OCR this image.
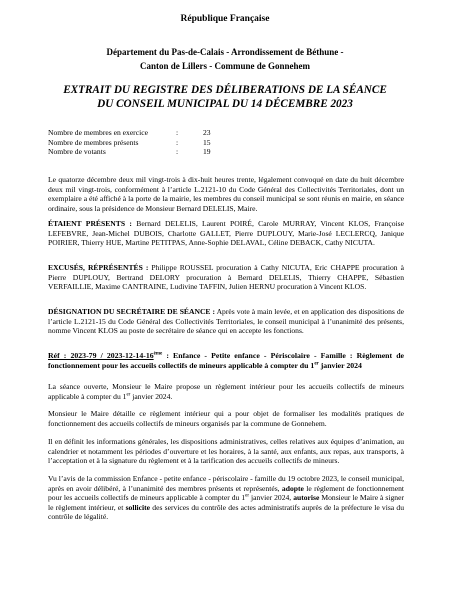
République Française
Département du Pas-de-Calais - Arrondissement de Béthune -
Canton de Lillers - Commune de Gonnehem
EXTRAIT DU REGISTRE DES DÉLIBERATIONS DE LA SÉANCE
DU CONSEIL MUNICIPAL DU 14 DÉCEMBRE 2023
Nombre de membres en exercice	:	23
Nombre de membres présents	:	15
Nombre de votants	:	19

Le quatorze décembre deux mil vingt-trois à dix-huit heures trente, légalement convoqué en date du huit décembre deux mil vingt-trois, conformément à l’article L.2121-10 du Code Général des Collectivités Territoriales, dont un exemplaire a été affiché à la porte de la mairie, les membres du conseil municipal se sont réunis en mairie, en séance ordinaire, sous la présidence de Monsieur Bernard DELELIS, Maire.

ÉTAIENT PRÉSENTS : Bernard DELELIS, Laurent POIRÉ, Carole MURRAY, Vincent KLOS, Françoise LEFEBVRE, Jean-Michel DUBOIS, Charlotte GALLET, Pierre DUPLOUY, Marie-José LECLERCQ, Janique POIRIER, Thierry HUE, Martine PETITPAS, Anne-Sophie DELAVAL, Céline DEBACK, Cathy NICUTA.

EXCUSÉS, RÉPRÉSENTÉS : Philippe ROUSSEL procuration à Cathy NICUTA, Eric CHAPPE procuration à Pierre DUPLOUY, Bertrand DELORY procuration à Bernard DELELIS, Thierry CHAPPE, Sébastien VERFAILLIE, Maxime CANTRAINE, Ludivine TAFFIN, Julien HERNU procuration à Vincent KLOS.

DÉSIGNATION DU SECRÉTAIRE DE SÉANCE : Après vote à main levée, et en application des dispositions de l’article L.2121-15 du Code Général des Collectivités Territoriales, le conseil municipal à l’unanimité des présents, nomme Vincent KLOS au poste de secrétaire de séance qui en accepte les fonctions.

Réf : 2023-79 / 2023-12-14-16ème : Enfance - Petite enfance - Périscolaire - Famille : Règlement de fonctionnement pour les accueils collectifs de mineurs applicable à compter du 1er janvier 2024

La séance ouverte, Monsieur le Maire propose un règlement intérieur pour les accueils collectifs de mineurs applicable à compter du 1er janvier 2024.

Monsieur le Maire détaille ce règlement intérieur qui a pour objet de formaliser les modalités pratiques de fonctionnement des accueils collectifs de mineurs organisés par la commune de Gonnehem.

Il en définit les informations générales, les dispositions administratives, celles relatives aux équipes d’animation, au calendrier et notamment les périodes d’ouverture et les horaires, à la santé, aux enfants, aux repas, aux transports, à l’acceptation et à la signature du règlement et à la tarification des accueils collectifs de mineurs.

Vu l’avis de la commission Enfance - petite enfance - périscolaire - famille du 19 octobre 2023, le conseil municipal, après en avoir délibéré, à l’unanimité des membres présents et représentés, adopte le règlement de fonctionnement pour les accueils collectifs de mineurs applicable à compter du 1er janvier 2024, autorise Monsieur le Maire à signer le règlement intérieur, et sollicite des services du contrôle des actes administratifs auprès de la préfecture le visa du contrôle de légalité.
